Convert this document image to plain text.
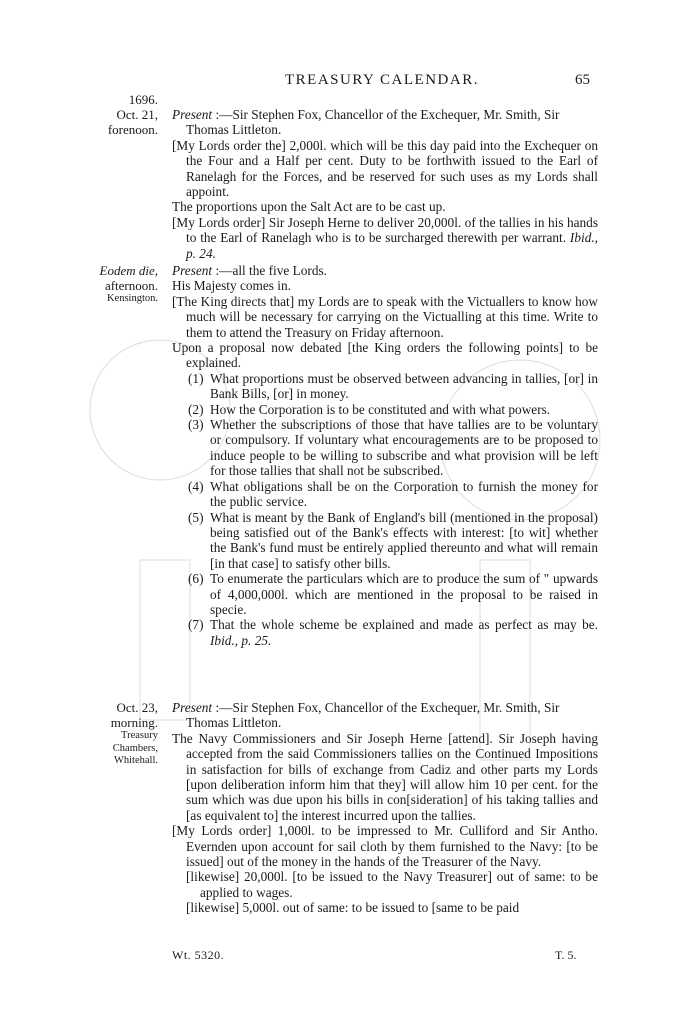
TREASURY CALENDAR.	65
1696.
Oct. 21,
forenoon.

Present :—Sir Stephen Fox, Chancellor of the Exchequer, Mr. Smith, Sir Thomas Littleton.

[My Lords order the] 2,000l. which will be this day paid into the Exchequer on the Four and a Half per cent. Duty to be forthwith issued to the Earl of Ranelagh for the Forces, and be reserved for such uses as my Lords shall appoint.

The proportions upon the Salt Act are to be cast up.

[My Lords order] Sir Joseph Herne to deliver 20,000l. of the tallies in his hands to the Earl of Ranelagh who is to be surcharged therewith per warrant. Ibid., p. 24.

Eodem die,
afternoon.
Kensington.

Present :—all the five Lords.

His Majesty comes in.

[The King directs that] my Lords are to speak with the Victuallers to know how much will be necessary for carrying on the Victualling at this time. Write to them to attend the Treasury on Friday afternoon.

Upon a proposal now debated [the King orders the following points] to be explained.

(1) What proportions must be observed between advancing in tallies, [or] in Bank Bills, [or] in money.

(2) How the Corporation is to be constituted and with what powers.

(3) Whether the subscriptions of those that have tallies are to be voluntary or compulsory. If voluntary what encouragements are to be proposed to induce people to be willing to subscribe and what provision will be left for those tallies that shall not be subscribed.

(4) What obligations shall be on the Corporation to furnish the money for the public service.

(5) What is meant by the Bank of England's bill (mentioned in the proposal) being satisfied out of the Bank's effects with interest: [to wit] whether the Bank's fund must be entirely applied thereunto and what will remain [in that case] to satisfy other bills.

(6) To enumerate the particulars which are to produce the sum of " upwards of 4,000,000l. which are mentioned in the proposal to be raised in specie.

(7) That the whole scheme be explained and made as perfect as may be. Ibid., p. 25.

Oct. 23,
morning.
Treasury
Chambers,
Whitehall.

Present :—Sir Stephen Fox, Chancellor of the Exchequer, Mr. Smith, Sir Thomas Littleton.

The Navy Commissioners and Sir Joseph Herne [attend]. Sir Joseph having accepted from the said Commissioners tallies on the Continued Impositions in satisfaction for bills of exchange from Cadiz and other parts my Lords [upon deliberation inform him that they] will allow him 10 per cent. for the sum which was due upon his bills in con[sideration] of his taking tallies and [as equivalent to] the interest incurred upon the tallies.

[My Lords order] 1,000l. to be impressed to Mr. Culliford and Sir Antho. Evernden upon account for sail cloth by them furnished to the Navy: [to be issued] out of the money in the hands of the Treasurer of the Navy.

[likewise] 20,000l. [to be issued to the Navy Treasurer] out of same: to be applied to wages.

[likewise] 5,000l. out of same: to be issued to [same to be paid

Wt. 5320.	T. 5.
